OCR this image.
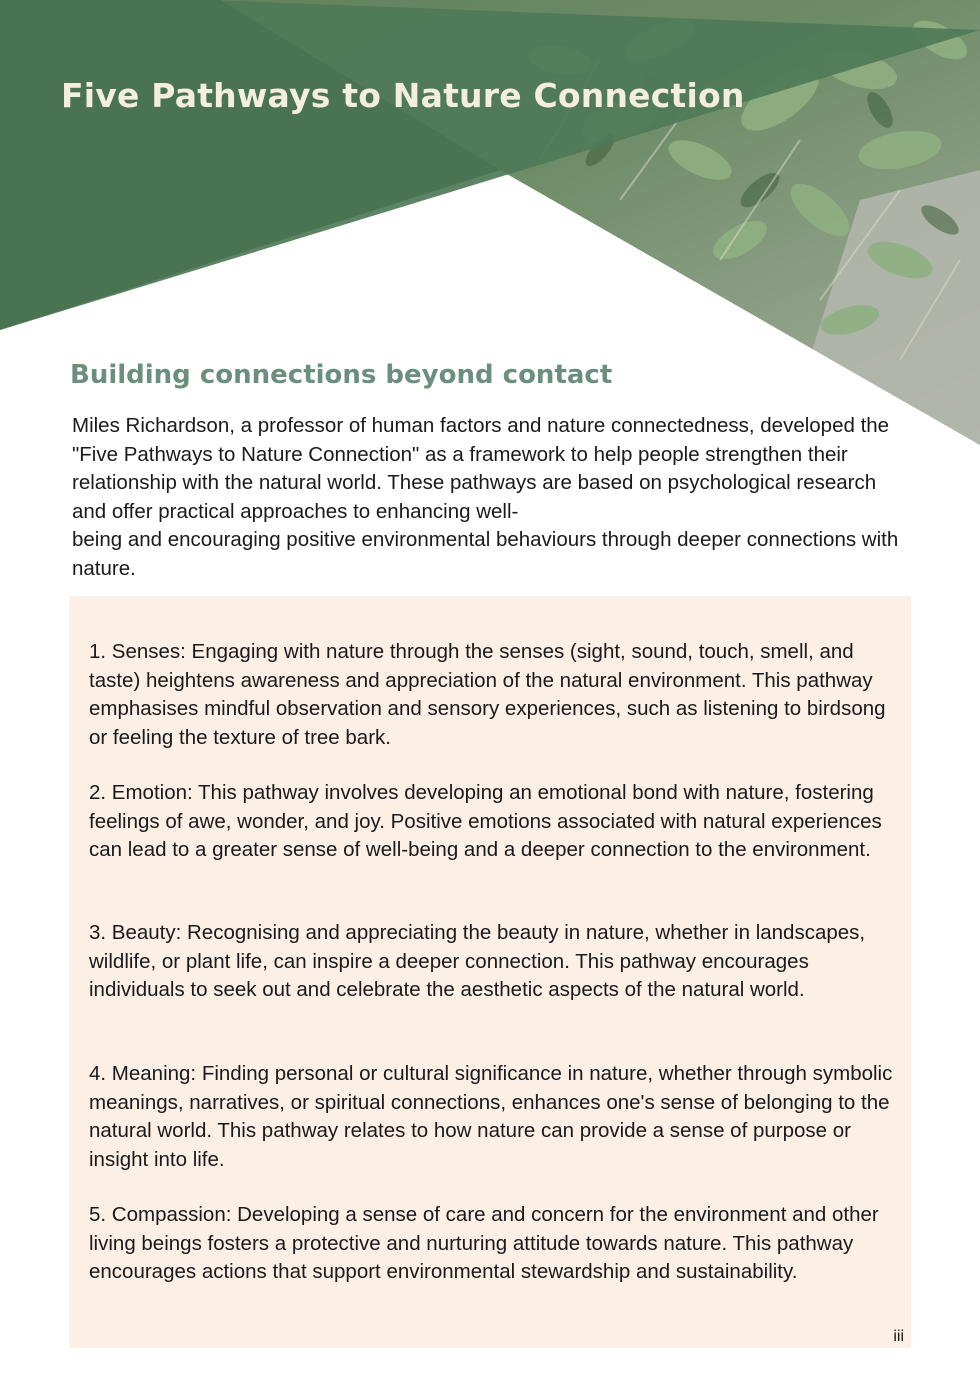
Five Pathways to Nature Connection
Building connections beyond contact

Miles Richardson, a professor of human factors and nature connectedness, developed the "Five Pathways to Nature Connection" as a framework to help people strengthen their relationship with the natural world. These pathways are based on psychological research and offer practical approaches to enhancing well-
being and encouraging positive environmental behaviours through deeper connections with nature.

1. Senses: Engaging with nature through the senses (sight, sound, touch, smell, and taste) heightens awareness and appreciation of the natural environment. This pathway emphasises mindful observation and sensory experiences, such as listening to birdsong or feeling the texture of tree bark.

2. Emotion: This pathway involves developing an emotional bond with nature, fostering feelings of awe, wonder, and joy. Positive emotions associated with natural experiences can lead to a greater sense of well-being and a deeper connection to the environment.

3. Beauty: Recognising and appreciating the beauty in nature, whether in landscapes, wildlife, or plant life, can inspire a deeper connection. This pathway encourages individuals to seek out and celebrate the aesthetic aspects of the natural world.

4. Meaning: Finding personal or cultural significance in nature, whether through symbolic meanings, narratives, or spiritual connections, enhances one's sense of belonging to the natural world. This pathway relates to how nature can provide a sense of purpose or insight into life.

5. Compassion: Developing a sense of care and concern for the environment and other living beings fosters a protective and nurturing attitude towards nature. This pathway encourages actions that support environmental stewardship and sustainability.

iii
